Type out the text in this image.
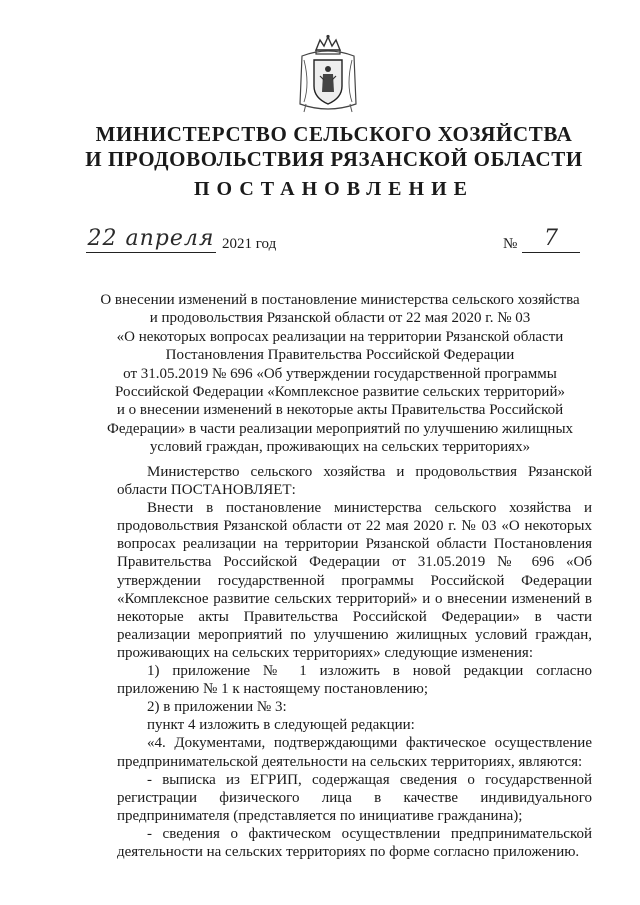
МИНИСТЕРСТВО СЕЛЬСКОГО ХОЗЯЙСТВА
И ПРОДОВОЛЬСТВИЯ РЯЗАНСКОЙ ОБЛАСТИ
ПОСТАНОВЛЕНИЕ
22 апреля 2021 год	№	7
О внесении изменений в постановление министерства сельского хозяйства
и продовольствия Рязанской области от 22 мая 2020 г. № 03
«О некоторых вопросах реализации на территории Рязанской области
Постановления Правительства Российской Федерации
от 31.05.2019 № 696 «Об утверждении государственной программы
Российской Федерации «Комплексное развитие сельских территорий»
и о внесении изменений в некоторые акты Правительства Российской
Федерации» в части реализации мероприятий по улучшению жилищных
условий граждан, проживающих на сельских территориях»

Министерство сельского хозяйства и продовольствия Рязанской области ПОСТАНОВЛЯЕТ:

Внести в постановление министерства сельского хозяйства и продовольствия Рязанской области от 22 мая 2020 г. № 03 «О некоторых вопросах реализации на территории Рязанской области Постановления Правительства Российской Федерации от 31.05.2019 № 696 «Об утверждении государственной программы Российской Федерации «Комплексное развитие сельских территорий» и о внесении изменений в некоторые акты Правительства Российской Федерации» в части реализации мероприятий по улучшению жилищных условий граждан, проживающих на сельских территориях» следующие изменения:

1) приложение № 1 изложить в новой редакции согласно приложению № 1 к настоящему постановлению;

2) в приложении № 3:

пункт 4 изложить в следующей редакции:

«4. Документами, подтверждающими фактическое осуществление предпринимательской деятельности на сельских территориях, являются:

- выписка из ЕГРИП, содержащая сведения о государственной регистрации физического лица в качестве индивидуального предпринимателя (представляется по инициативе гражданина);

- сведения о фактическом осуществлении предпринимательской деятельности на сельских территориях по форме согласно приложению.
